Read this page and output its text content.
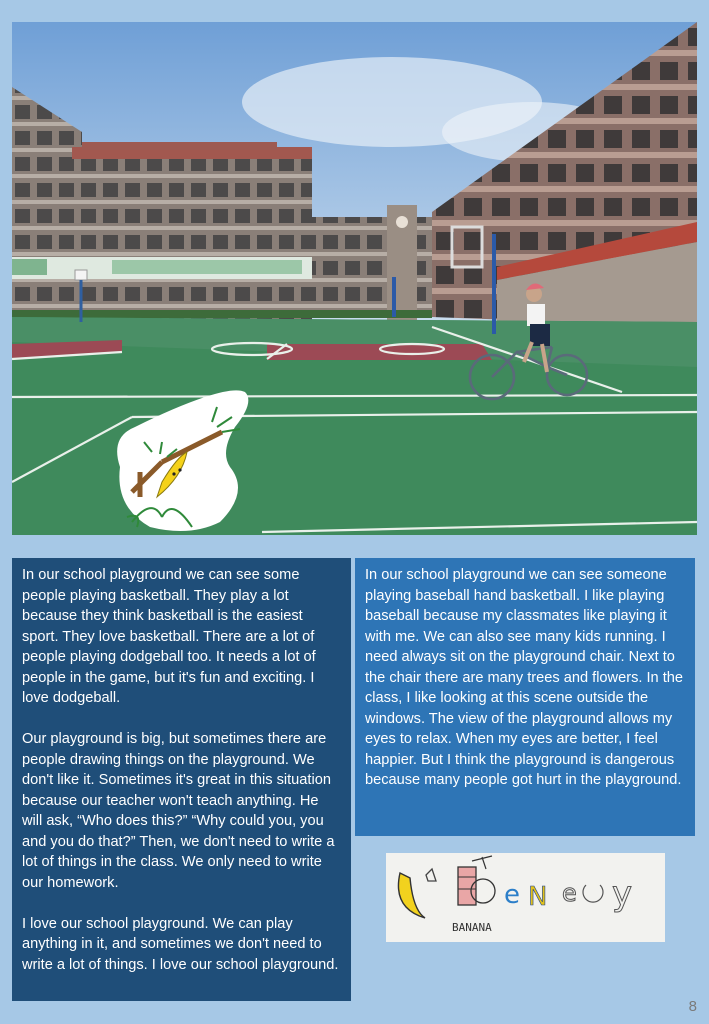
In our school playground we can see some people playing basketball. They play a lot because they think basketball is the easiest sport. They love basketball. There are a lot of people playing dodgeball too. It needs a lot of people in the game, but it's fun and exciting. I love dodgeball.

Our playground is big, but sometimes there are people drawing things on the playground. We don't like it. Sometimes it's great in this situation because our teacher won't teach anything. He will ask, “Who does this?” “Why could you, you and you do that?” Then, we don't need to write a lot of things in the class. We only need to write our homework.

I love our school playground. We can play anything in it, and sometimes we don't need to write a lot of things. I love our school playground.

In our school playground we can see someone playing baseball hand basketball. I like playing baseball because my classmates like playing it with me. We can also see many kids running. I need always sit on the playground chair. Next to the chair there are many trees and flowers. In the class, I like looking at this scene outside the windows. The view of the playground allows my eyes to relax. When my eyes are better, I feel happier. But I think the playground is dangerous because many people got hurt in the playground.

e N e y
BANANA
8
